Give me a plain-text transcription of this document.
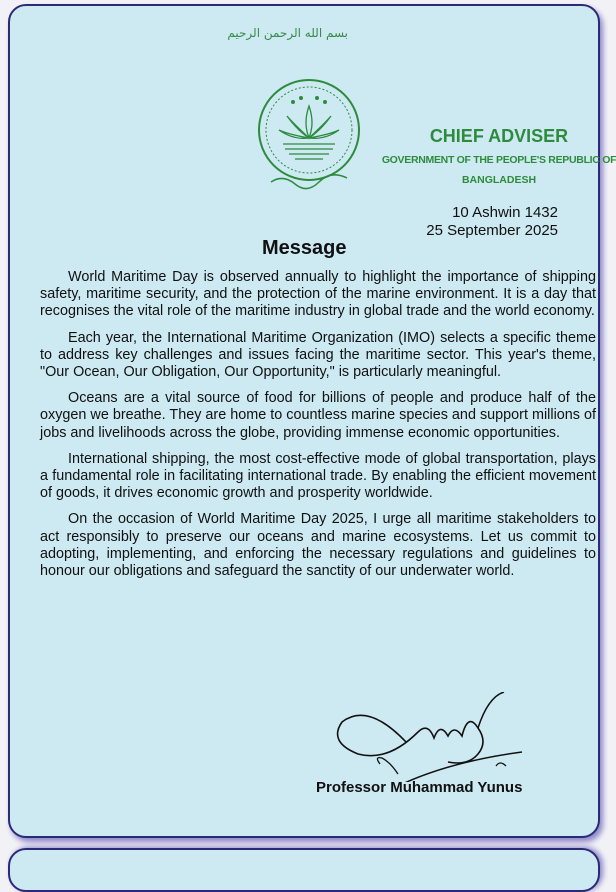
بسم الله الرحمن الرحيم
CHIEF ADVISER
GOVERNMENT OF THE PEOPLE'S REPUBLIC OF
BANGLADESH
10 Ashwin 1432
25 September 2025
Message

World Maritime Day is observed annually to highlight the importance of shipping safety, maritime security, and the protection of the marine environment. It is a day that recognises the vital role of the maritime industry in global trade and the world economy.

Each year, the International Maritime Organization (IMO) selects a specific theme to address key challenges and issues facing the maritime sector. This year's theme, "Our Ocean, Our Obligation, Our Opportunity," is particularly meaningful.

Oceans are a vital source of food for billions of people and produce half of the oxygen we breathe. They are home to countless marine species and support millions of jobs and livelihoods across the globe, providing immense economic opportunities.

International shipping, the most cost-effective mode of global transportation, plays a fundamental role in facilitating international trade. By enabling the efficient movement of goods, it drives economic growth and prosperity worldwide.

On the occasion of World Maritime Day 2025, I urge all maritime stakeholders to act responsibly to preserve our oceans and marine ecosystems. Let us commit to adopting, implementing, and enforcing the necessary regulations and guidelines to honour our obligations and safeguard the sanctity of our underwater world.

Professor Muhammad Yunus
